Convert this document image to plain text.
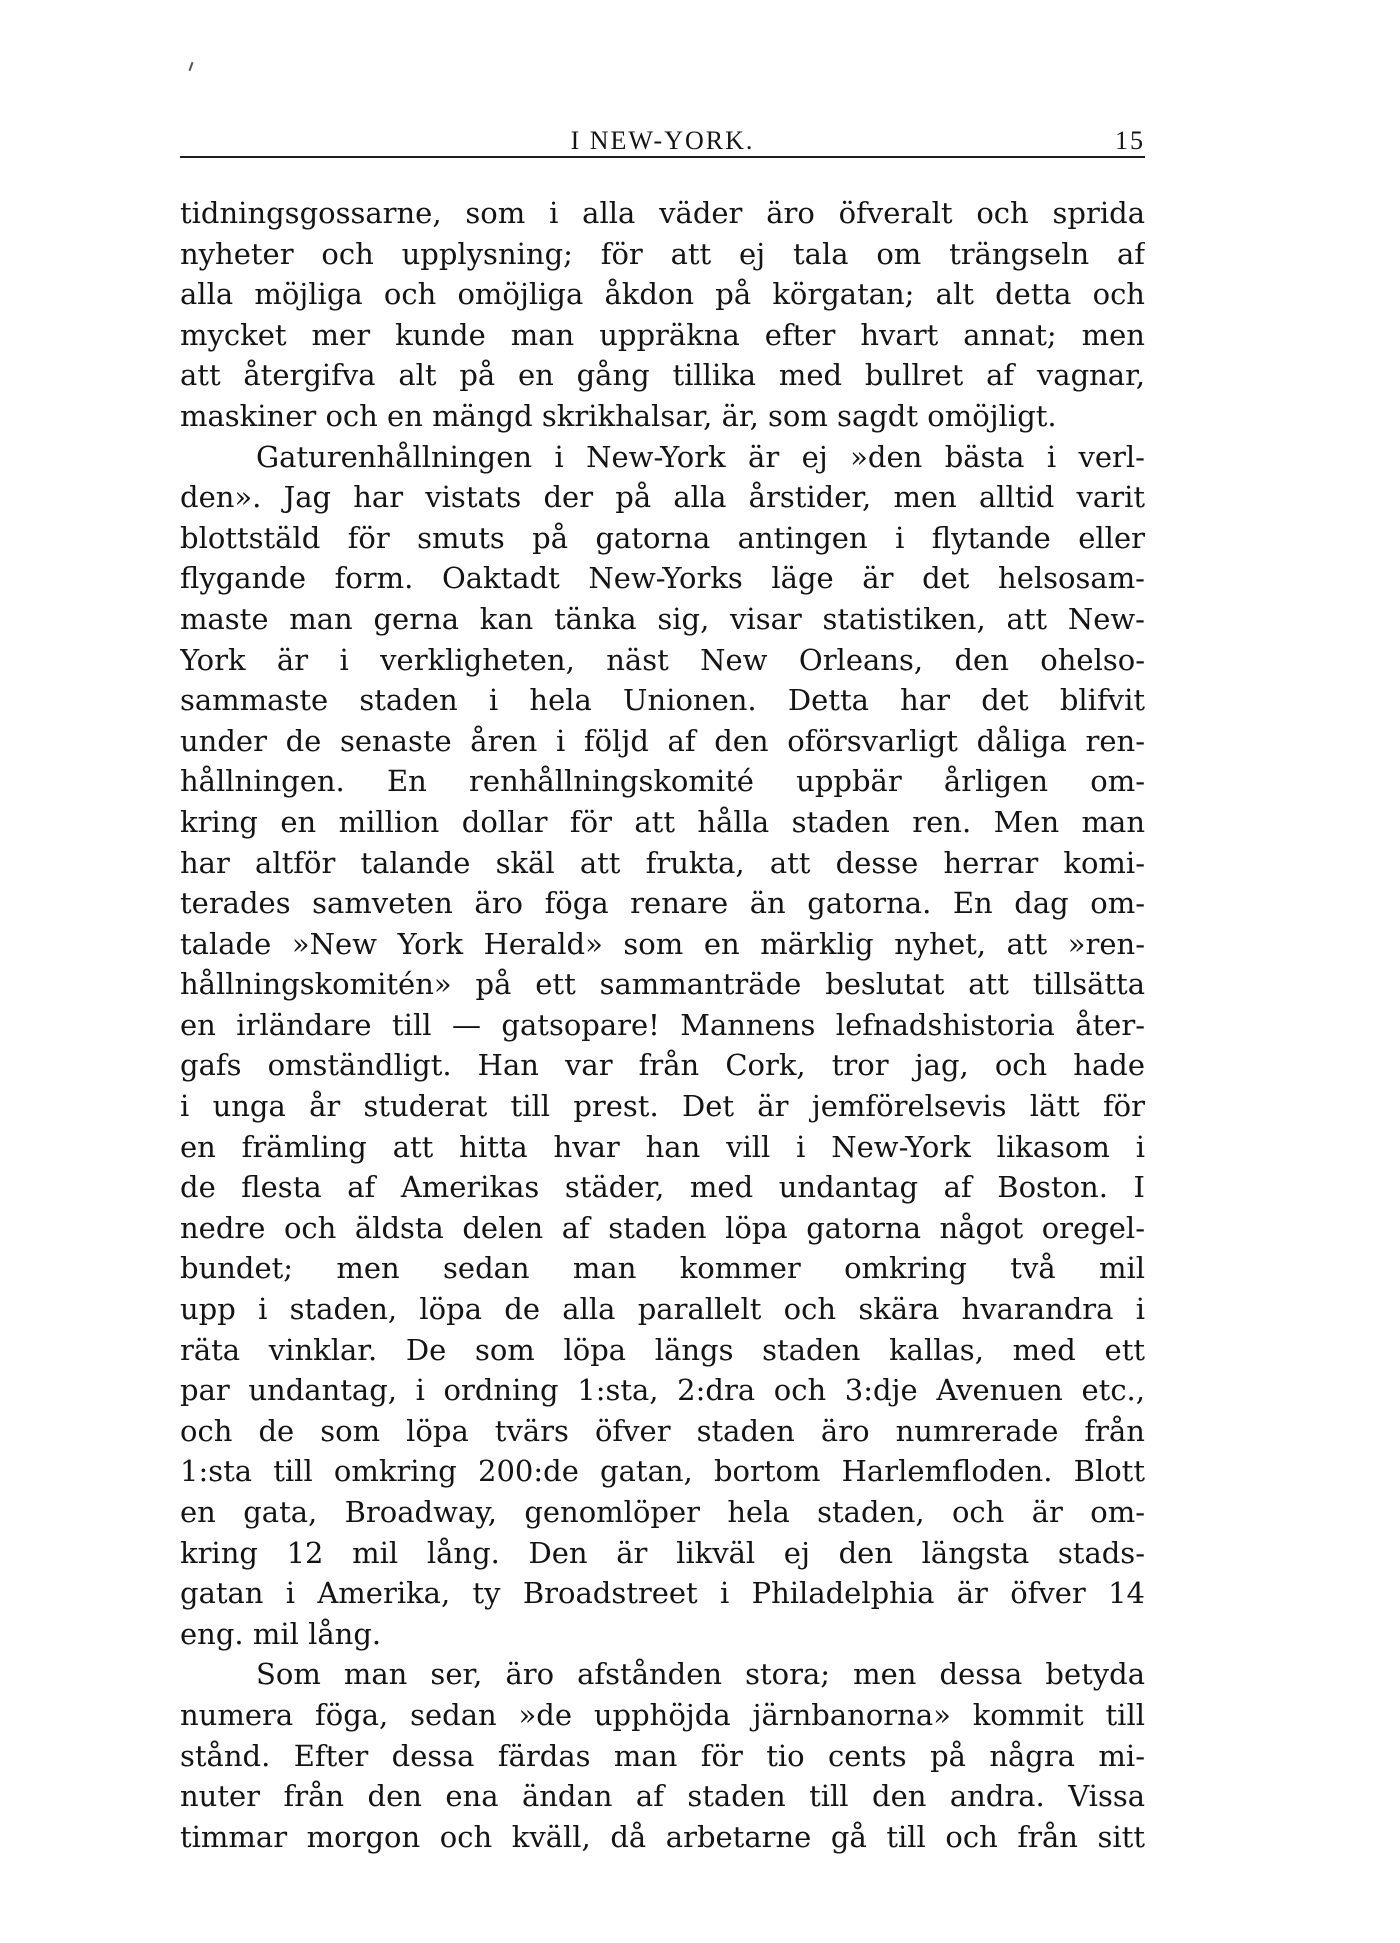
I NEW-YORK.	15
tidningsgossarne, som i alla väder äro öfveralt och sprida
nyheter och upplysning; för att ej tala om trängseln af
alla möjliga och omöjliga åkdon på körgatan; alt detta och
mycket mer kunde man uppräkna efter hvart annat; men
att återgifva alt på en gång tillika med bullret af vagnar,
maskiner och en mängd skrikhalsar, är, som sagdt omöjligt.
Gaturenhållningen i New-York är ej »den bästa i verl-
den». Jag har vistats der på alla årstider, men alltid varit
blottstäld för smuts på gatorna antingen i flytande eller
flygande form. Oaktadt New-Yorks läge är det helsosam-
maste man gerna kan tänka sig, visar statistiken, att New-
York är i verkligheten, näst New Orleans, den ohelso-
sammaste staden i hela Unionen. Detta har det blifvit
under de senaste åren i följd af den oförsvarligt dåliga ren-
hållningen. En renhållningskomité uppbär årligen om-
kring en million dollar för att hålla staden ren. Men man
har altför talande skäl att frukta, att desse herrar komi-
terades samveten äro föga renare än gatorna. En dag om-
talade »New York Herald» som en märklig nyhet, att »ren-
hållningskomitén» på ett sammanträde beslutat att tillsätta
en irländare till — gatsopare! Mannens lefnadshistoria åter-
gafs omständligt. Han var från Cork, tror jag, och hade
i unga år studerat till prest. Det är jemförelsevis lätt för
en främling att hitta hvar han vill i New-York likasom i
de flesta af Amerikas städer, med undantag af Boston. I
nedre och äldsta delen af staden löpa gatorna något oregel-
bundet; men sedan man kommer omkring två mil
upp i staden, löpa de alla parallelt och skära hvarandra i
räta vinklar. De som löpa längs staden kallas, med ett
par undantag, i ordning 1:sta, 2:dra och 3:dje Avenuen etc.,
och de som löpa tvärs öfver staden äro numrerade från
1:sta till omkring 200:de gatan, bortom Harlemfloden. Blott
en gata, Broadway, genomlöper hela staden, och är om-
kring 12 mil lång. Den är likväl ej den längsta stads-
gatan i Amerika, ty Broadstreet i Philadelphia är öfver 14
eng. mil lång.
Som man ser, äro afstånden stora; men dessa betyda
numera föga, sedan »de upphöjda järnbanorna» kommit till
stånd. Efter dessa färdas man för tio cents på några mi-
nuter från den ena ändan af staden till den andra. Vissa
timmar morgon och kväll, då arbetarne gå till och från sitt
